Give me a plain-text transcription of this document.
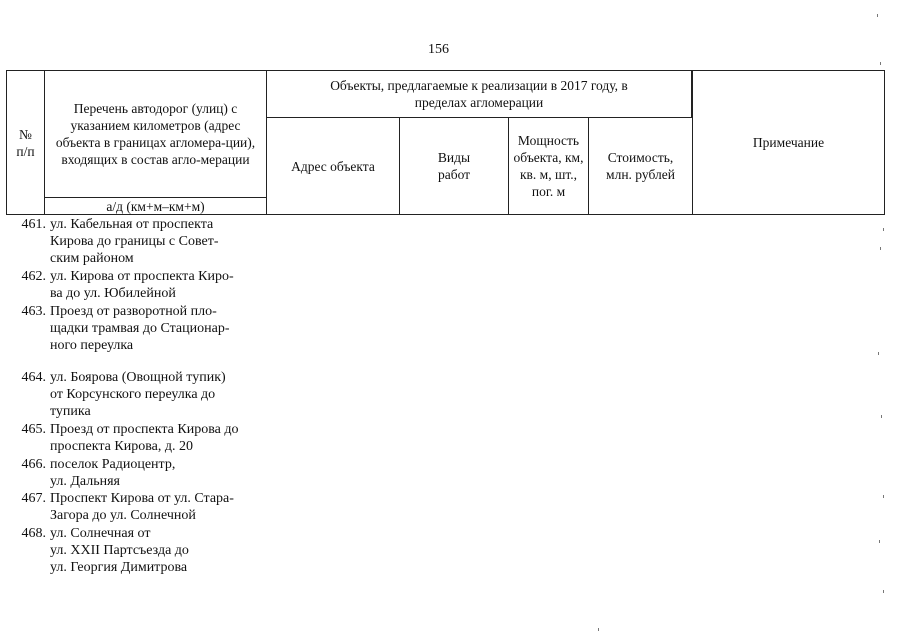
156
№
п/п
Перечень автодорог (улиц) с указанием километров (адрес объекта в границах агломера-ции), входящих в состав агло-мерации
а/д (км+м–км+м)
Объекты, предлагаемые к реализации в 2017 году, в пределах агломерации
Адрес объекта
Виды работ
Мощность объекта, км, кв. м, шт., пог. м
Стоимость, млн. рублей
Примечание
461. ул. Кабельная от проспекта
Кирова до границы с Совет-
ским районом
462. ул. Кирова от проспекта Киро-
ва до ул. Юбилейной
463. Проезд от разворотной пло-
щадки трамвая до Стационар-
ного переулка
464. ул. Боярова (Овощной тупик)
от Корсунского переулка до
тупика
465. Проезд от проспекта Кирова до
проспекта Кирова, д. 20
466. поселок Радиоцентр,
ул. Дальняя
467. Проспект Кирова от ул. Стара-
Загора до ул. Солнечной
468. ул. Солнечная от
ул. XXII Партсъезда до
ул. Георгия Димитрова
